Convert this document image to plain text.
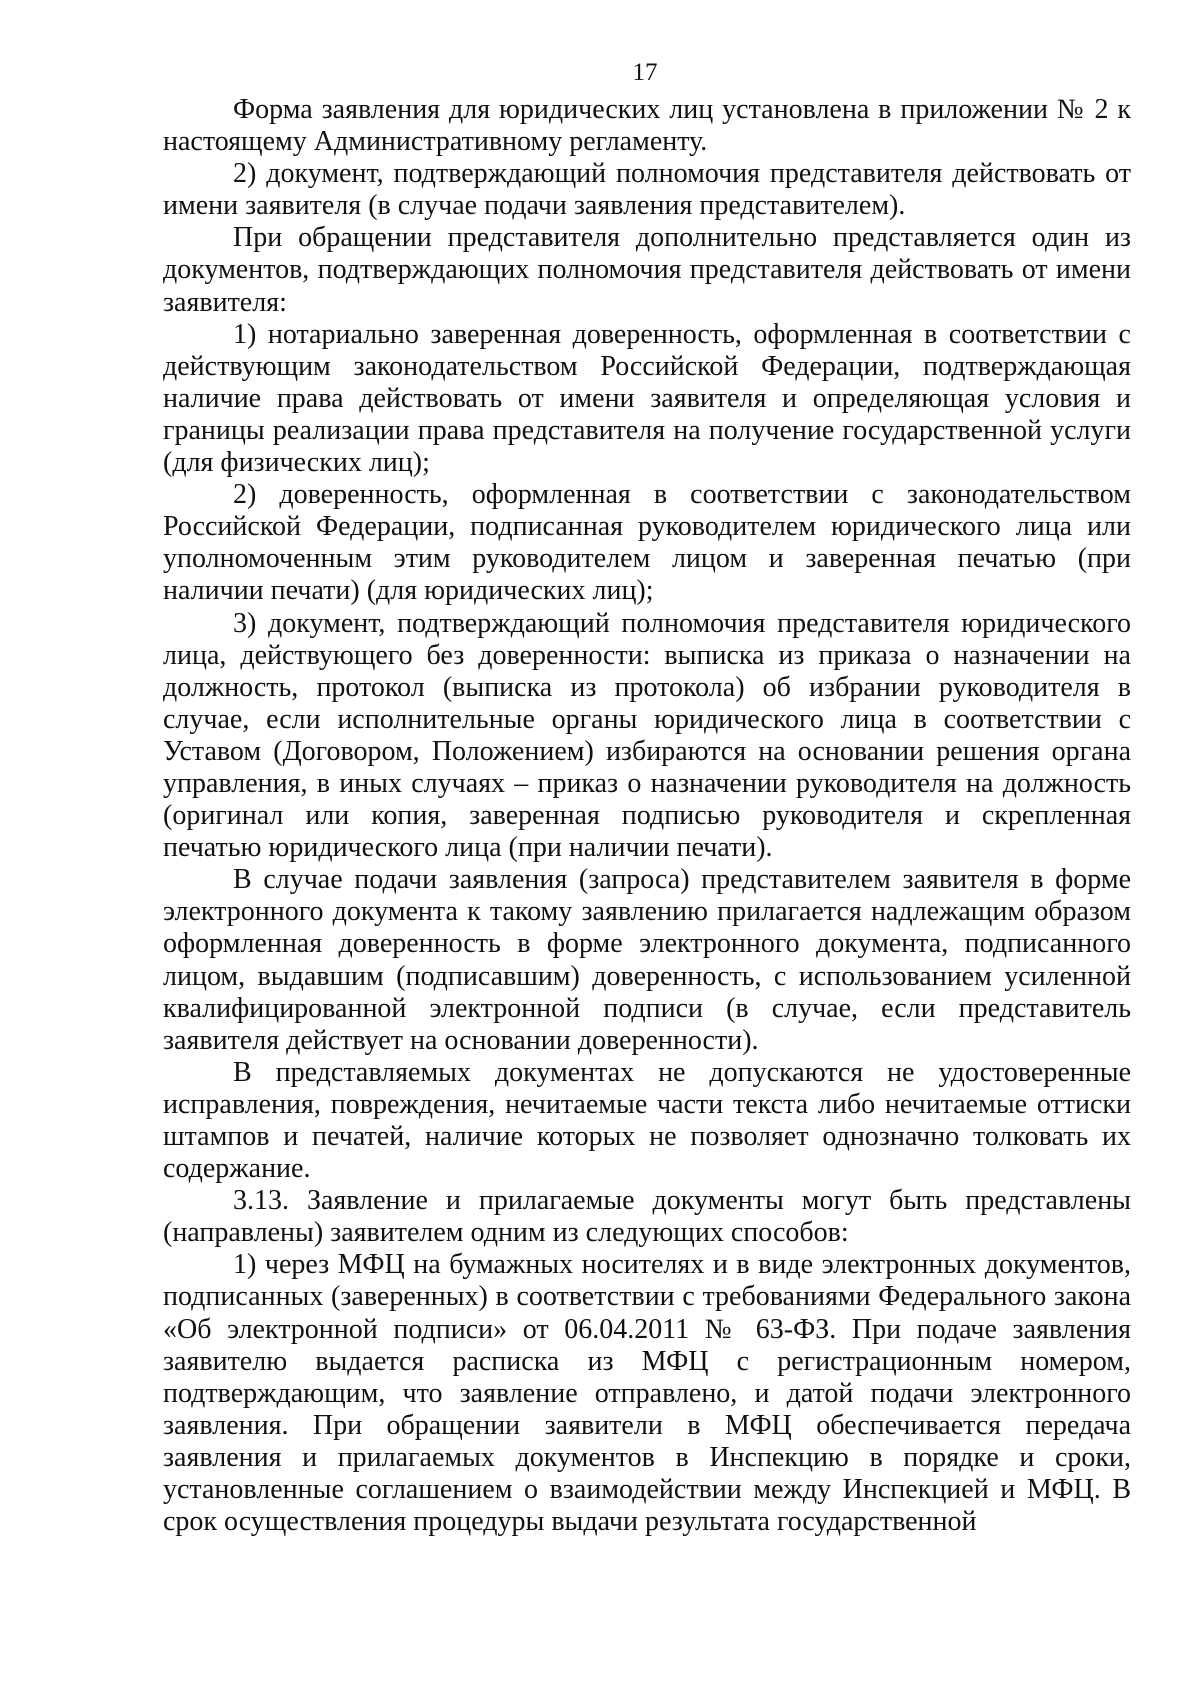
17

Форма заявления для юридических лиц установлена в приложении № 2 к настоящему Административному регламенту.

2) документ, подтверждающий полномочия представителя действовать от имени заявителя (в случае подачи заявления представителем).

При обращении представителя дополнительно представляется один из документов, подтверждающих полномочия представителя действовать от имени заявителя:

1) нотариально заверенная доверенность, оформленная в соответствии с действующим законодательством Российской Федерации, подтверждающая наличие права действовать от имени заявителя и определяющая условия и границы реализации права представителя на получение государственной услуги (для физических лиц);

2) доверенность, оформленная в соответствии с законодательством Российской Федерации, подписанная руководителем юридического лица или уполномоченным этим руководителем лицом и заверенная печатью (при наличии печати) (для юридических лиц);

3) документ, подтверждающий полномочия представителя юридического лица, действующего без доверенности: выписка из приказа о назначении на должность, протокол (выписка из протокола) об избрании руководителя в случае, если исполнительные органы юридического лица в соответствии с Уставом (Договором, Положением) избираются на основании решения органа управления, в иных случаях – приказ о назначении руководителя на должность (оригинал или копия, заверенная подписью руководителя и скрепленная печатью юридического лица (при наличии печати).

В случае подачи заявления (запроса) представителем заявителя в форме электронного документа к такому заявлению прилагается надлежащим образом оформленная доверенность в форме электронного документа, подписанного лицом, выдавшим (подписавшим) доверенность, с использованием усиленной квалифицированной электронной подписи (в случае, если представитель заявителя действует на основании доверенности).

В представляемых документах не допускаются не удостоверенные исправления, повреждения, нечитаемые части текста либо нечитаемые оттиски штампов и печатей, наличие которых не позволяет однозначно толковать их содержание.

3.13. Заявление и прилагаемые документы могут быть представлены (направлены) заявителем одним из следующих способов:

1) через МФЦ на бумажных носителях и в виде электронных документов, подписанных (заверенных) в соответствии с требованиями Федерального закона «Об электронной подписи» от 06.04.2011 № 63-ФЗ. При подаче заявления заявителю выдается расписка из МФЦ с регистрационным номером, подтверждающим, что заявление отправлено, и датой подачи электронного заявления. При обращении заявители в МФЦ обеспечивается передача заявления и прилагаемых документов в Инспекцию в порядке и сроки, установленные соглашением о взаимодействии между Инспекцией и МФЦ. В срок осуществления процедуры выдачи результата государственной
